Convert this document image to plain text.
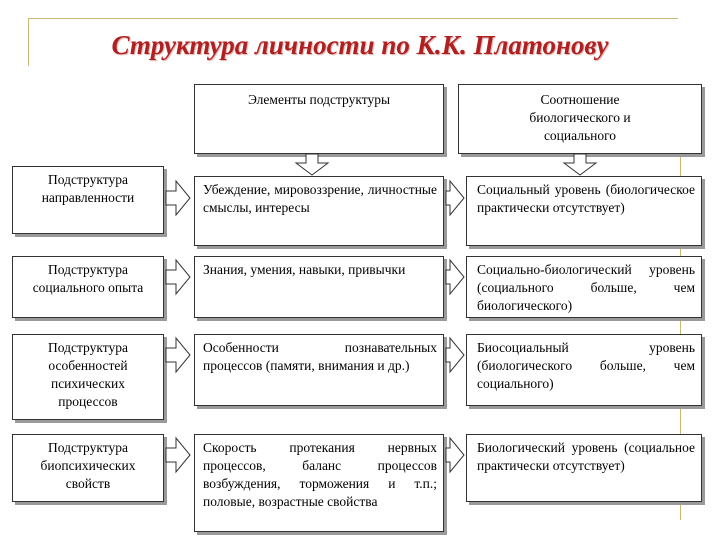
Структура личности по К.К. Платонову
Элементы подструктуры	Соотношение биологического и социального
Подструктура направленности
Убеждение, мировоззрение, личностные смыслы, интересы
Социальный уровень (биологическое практически отсутствует)
Подструктура социального опыта
Знания, умения, навыки, привычки	Социально-биологический уровень (социального больше, чем биологического)
Подструктура особенностей психических процессов
Особенности познавательных процессов (памяти, внимания и др.)
Биосоциальный уровень (биологического больше, чем социального)
Подструктура биопсихических свойств
Скорость протекания нервных процессов, баланс процессов возбуждения, торможения и т.п.; половые, возрастные свойства
Биологический уровень (социальное практически отсутствует)
